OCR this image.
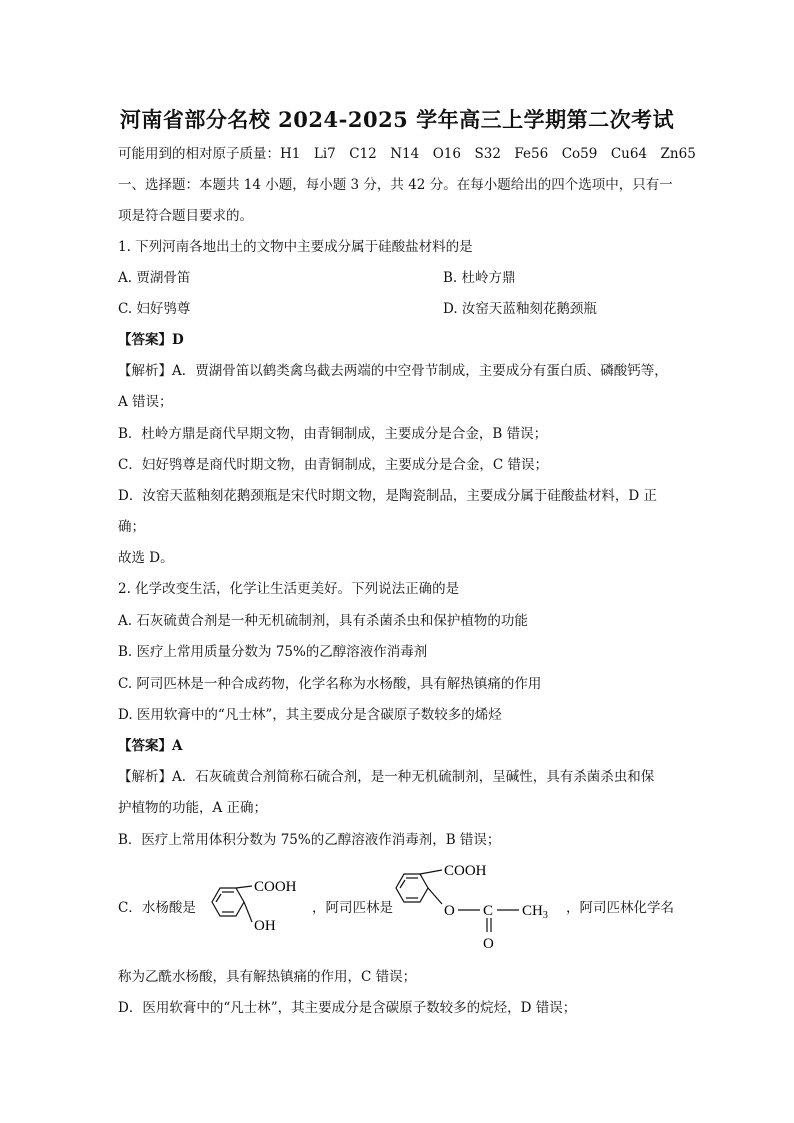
河南省部分名校 2024-2025 学年高三上学期第二次考试
可能用到的相对原子质量：H1　Li7　C12　N14　O16　S32　Fe56　Co59　Cu64　Zn65
一、选择题：本题共 14 小题，每小题 3 分，共 42 分。在每小题给出的四个选项中，只有一
项是符合题目要求的。
1. 下列河南各地出土的文物中主要成分属于硅酸盐材料的是
A. 贾湖骨笛	B. 杜岭方鼎
C. 妇好鸮尊	D. 汝窑天蓝釉刻花鹅颈瓶
【答案】D
【解析】A．贾湖骨笛以鹤类禽鸟截去两端的中空骨节制成，主要成分有蛋白质、磷酸钙等，
A 错误；
B．杜岭方鼎是商代早期文物，由青铜制成，主要成分是合金，B 错误；
C．妇好鸮尊是商代时期文物，由青铜制成，主要成分是合金，C 错误；
D．汝窑天蓝釉刻花鹅颈瓶是宋代时期文物，是陶瓷制品，主要成分属于硅酸盐材料，D 正
确；
故选 D。
2. 化学改变生活，化学让生活更美好。下列说法正确的是
A. 石灰硫黄合剂是一种无机硫制剂，具有杀菌杀虫和保护植物的功能
B. 医疗上常用质量分数为 75%的乙醇溶液作消毒剂
C. 阿司匹林是一种合成药物，化学名称为水杨酸，具有解热镇痛的作用
D. 医用软膏中的“凡士林”，其主要成分是含碳原子数较多的烯烃
【答案】A
【解析】A．石灰硫黄合剂简称石硫合剂，是一种无机硫制剂，呈碱性，具有杀菌杀虫和保
护植物的功能，A 正确；
B．医疗上常用体积分数为 75%的乙醇溶液作消毒剂，B 错误；
C．水杨酸是
COOH
OH
，阿司匹林是
COOH
O C $CH_3$
O
，阿司匹林化学名
称为乙酰水杨酸，具有解热镇痛的作用，C 错误；
D．医用软膏中的“凡士林”，其主要成分是含碳原子数较多的烷烃，D 错误；
